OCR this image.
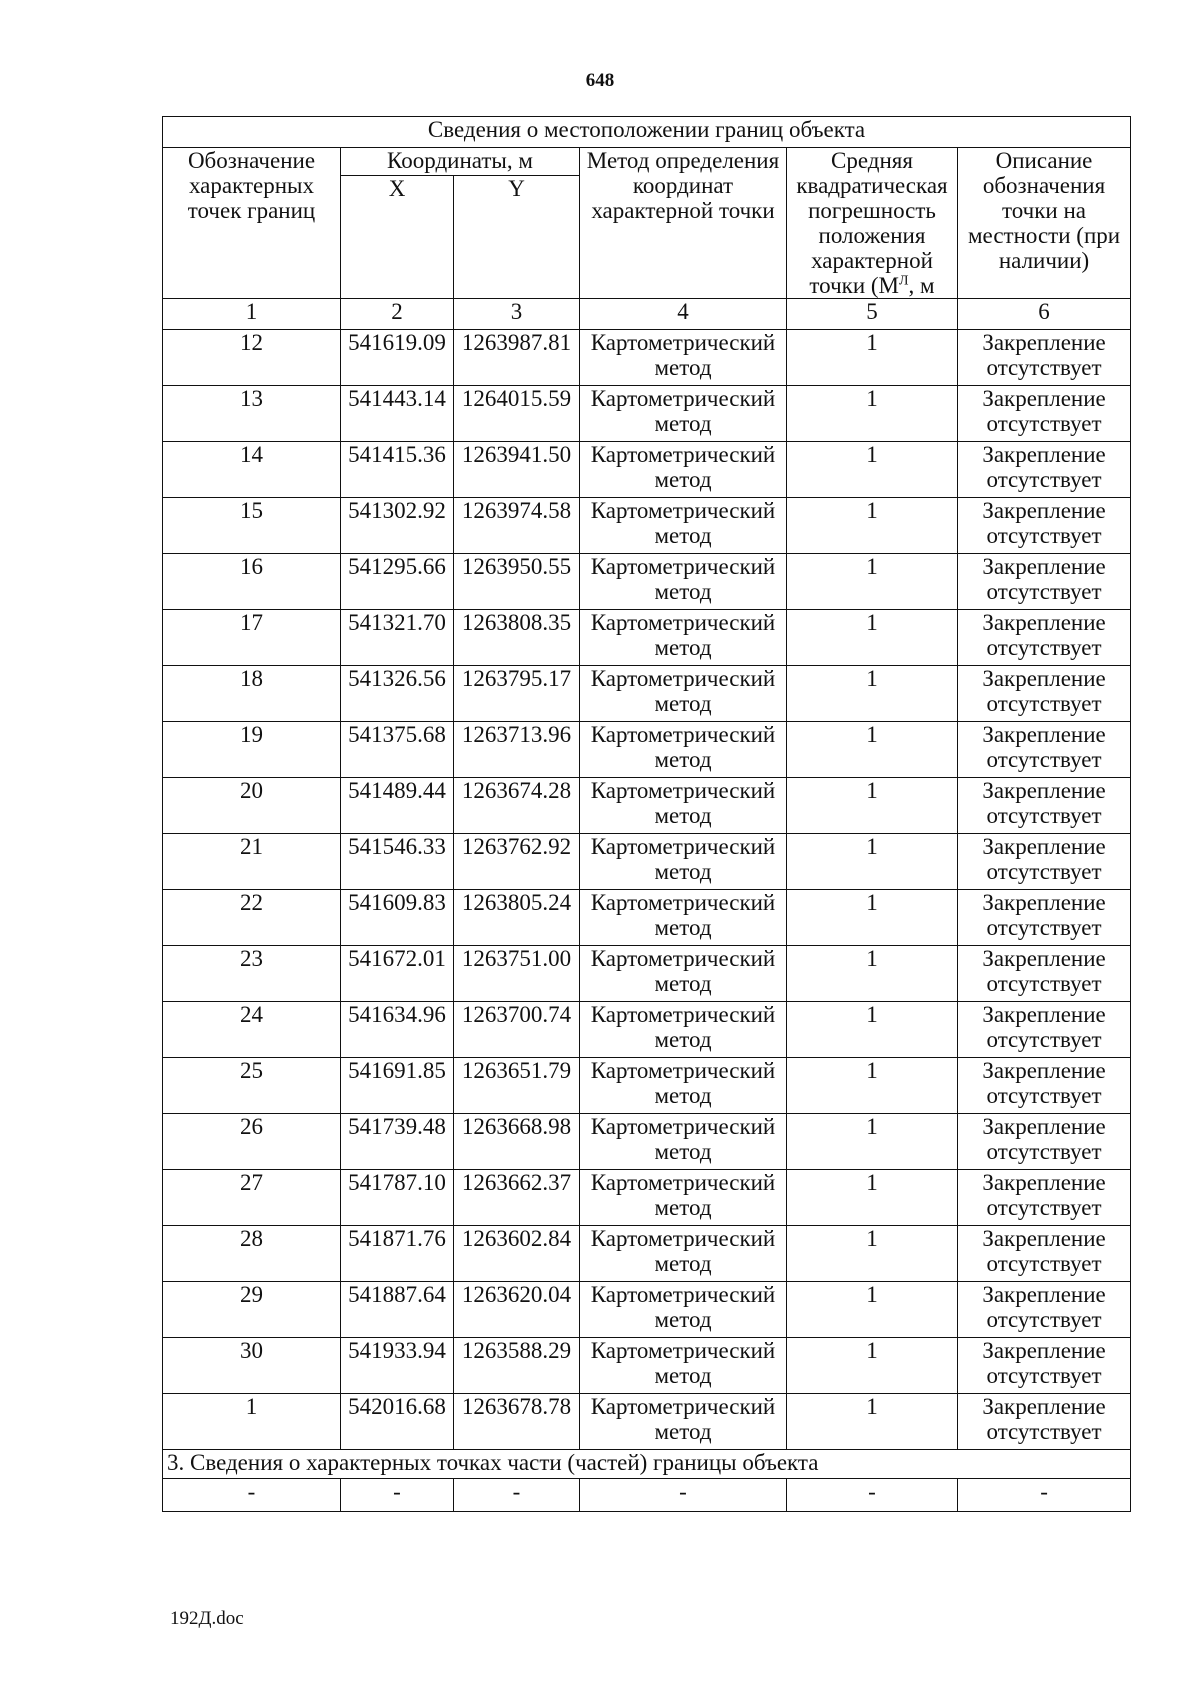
648
Сведения о местоположении границ объекта					
Обозначение характерных точек границ	Координаты, м		Метод определения координат характерной точки	Средняя квадратическая погрешность положения характерной точки ($M^Л$, м	Описание обозначения точки на местности (при наличии)
	X	Y			
1	2	3	4	5	6
12	541619.09	1263987.81	Картометрический метод	1	Закрепление отсутствует
13	541443.14	1264015.59	Картометрический метод	1	Закрепление отсутствует
14	541415.36	1263941.50	Картометрический метод	1	Закрепление отсутствует
15	541302.92	1263974.58	Картометрический метод	1	Закрепление отсутствует
16	541295.66	1263950.55	Картометрический метод	1	Закрепление отсутствует
17	541321.70	1263808.35	Картометрический метод	1	Закрепление отсутствует
18	541326.56	1263795.17	Картометрический метод	1	Закрепление отсутствует
19	541375.68	1263713.96	Картометрический метод	1	Закрепление отсутствует
20	541489.44	1263674.28	Картометрический метод	1	Закрепление отсутствует
21	541546.33	1263762.92	Картометрический метод	1	Закрепление отсутствует
22	541609.83	1263805.24	Картометрический метод	1	Закрепление отсутствует
23	541672.01	1263751.00	Картометрический метод	1	Закрепление отсутствует
24	541634.96	1263700.74	Картометрический метод	1	Закрепление отсутствует
25	541691.85	1263651.79	Картометрический метод	1	Закрепление отсутствует
26	541739.48	1263668.98	Картометрический метод	1	Закрепление отсутствует
27	541787.10	1263662.37	Картометрический метод	1	Закрепление отсутствует
28	541871.76	1263602.84	Картометрический метод	1	Закрепление отсутствует
29	541887.64	1263620.04	Картометрический метод	1	Закрепление отсутствует
30	541933.94	1263588.29	Картометрический метод	1	Закрепление отсутствует
1	542016.68	1263678.78	Картометрический метод	1	Закрепление отсутствует
3. Сведения о характерных точках части (частей) границы объекта					
-	-	-	-	-	-
192Д.doc
